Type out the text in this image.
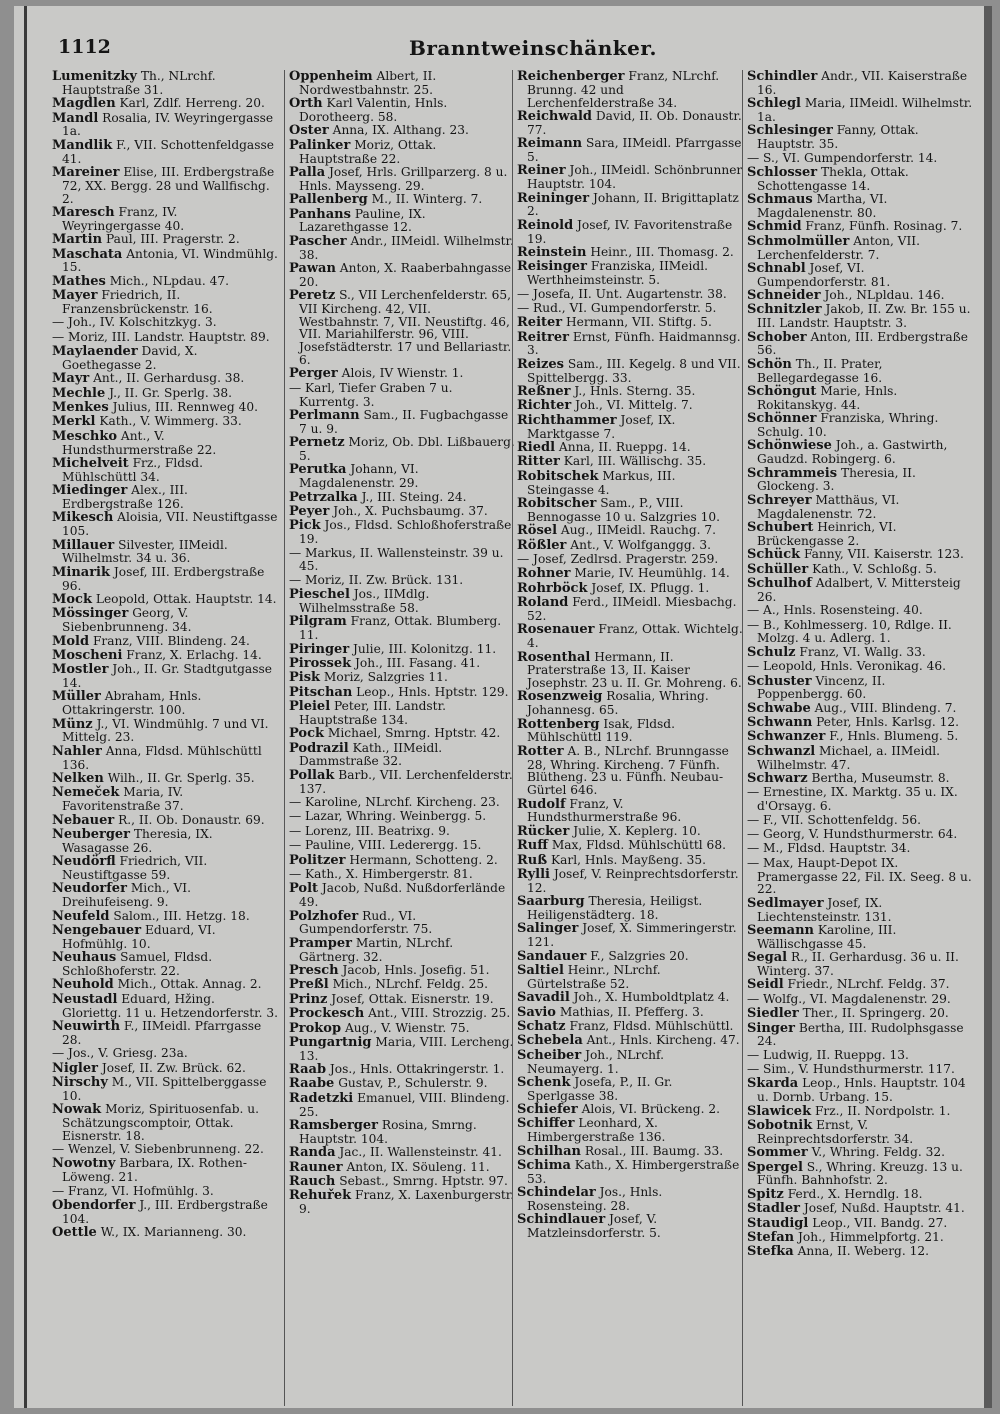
1112	Branntweinschänker.
Lumenitzky Th., NLrchf. Hauptstraße 31.
Magdlen Karl, Zdlf. Herreng. 20.
Mandl Rosalia, IV. Weyringergasse 1a.
Mandlik F., VII. Schottenfeldgasse 41.
Mareiner Elise, III. Erdbergstraße 72, XX. Bergg. 28 und Wallfischg. 2.
Maresch Franz, IV. Weyringergasse 40.
Martin Paul, III. Pragerstr. 2.
Maschata Antonia, VI. Windmühlg. 15.
Mathes Mich., NLpdau. 47.
Mayer Friedrich, II. Franzensbrückenstr. 16.
— Joh., IV. Kolschitzkyg. 3.
— Moriz, III. Landstr. Hauptstr. 89.
Maylaender David, X. Goethegasse 2.
Mayr Ant., II. Gerhardusg. 38.
Mechle J., II. Gr. Sperlg. 38.
Menkes Julius, III. Rennweg 40.
Merkl Kath., V. Wimmerg. 33.
Meschko Ant., V. Hundsthurmerstraße 22.
Michelveit Frz., Fldsd. Mühlschüttl 34.
Miedinger Alex., III. Erdbergstraße 126.
Mikesch Aloisia, VII. Neustiftgasse 105.
Millauer Silvester, IIMeidl. Wilhelmstr. 34 u. 36.
Minarik Josef, III. Erdbergstraße 96.
Mock Leopold, Ottak. Hauptstr. 14.
Mössinger Georg, V. Siebenbrunneng. 34.
Mold Franz, VIII. Blindeng. 24.
Moscheni Franz, X. Erlachg. 14.
Mostler Joh., II. Gr. Stadtgutgasse 14.
Müller Abraham, Hnls. Ottakringerstr. 100.
Münz J., VI. Windmühlg. 7 und VI. Mittelg. 23.
Nahler Anna, Fldsd. Mühlschüttl 136.
Nelken Wilh., II. Gr. Sperlg. 35.
Nemeček Maria, IV. Favoritenstraße 37.
Nebauer R., II. Ob. Donaustr. 69.
Neuberger Theresia, IX. Wasagasse 26.
Neudörfl Friedrich, VII. Neustiftgasse 59.
Neudorfer Mich., VI. Dreihufeiseng. 9.
Neufeld Salom., III. Hetzg. 18.
Nengebauer Eduard, VI. Hofmühlg. 10.
Neuhaus Samuel, Fldsd. Schloßhoferstr. 22.
Neuhold Mich., Ottak. Annag. 2.
Neustadl Eduard, Hžing. Gloriettg. 11 u. Hetzendorferstr. 3.
Neuwirth F., IIMeidl. Pfarrgasse 28.
— Jos., V. Griesg. 23a.
Nigler Josef, II. Zw. Brück. 62.
Nirschy M., VII. Spittelberggasse 10.
Nowak Moriz, Spirituosenfab. u. Schätzungscomptoir, Ottak. Eisnerstr. 18.
— Wenzel, V. Siebenbrunneng. 22.
Nowotny Barbara, IX. Rothen-Löweng. 21.
— Franz, VI. Hofmühlg. 3.
Obendorfer J., III. Erdbergstraße 104.
Oettle W., IX. Marianneng. 30.
Oppenheim Albert, II. Nordwestbahnstr. 25.
Orth Karl Valentin, Hnls. Dorotheerg. 58.
Oster Anna, IX. Althang. 23.
Palinker Moriz, Ottak. Hauptstraße 22.
Palla Josef, Hrls. Grillparzerg. 8 u. Hnls. Maysseng. 29.
Pallenberg M., II. Winterg. 7.
Panhans Pauline, IX. Lazarethgasse 12.
Pascher Andr., IIMeidl. Wilhelmstr. 38.
Pawan Anton, X. Raaberbahngasse 20.
Peretz S., VII Lerchenfelderstr. 65, VII Kircheng. 42, VII. Westbahnstr. 7, VII. Neustiftg. 46, VII. Mariahilferstr. 96, VIII. Josefstädterstr. 17 und Bellariastr. 6.
Perger Alois, IV Wienstr. 1.
— Karl, Tiefer Graben 7 u. Kurrentg. 3.
Perlmann Sam., II. Fugbachgasse 7 u. 9.
Pernetz Moriz, Ob. Dbl. Lißbauerg. 5.
Perutka Johann, VI. Magdalenenstr. 29.
Petrzalka J., III. Steing. 24.
Peyer Joh., X. Puchsbaumg. 37.
Pick Jos., Fldsd. Schloßhoferstraße 19.
— Markus, II. Wallensteinstr. 39 u. 45.
— Moriz, II. Zw. Brück. 131.
Pieschel Jos., IIMdlg. Wilhelmsstraße 58.
Pilgram Franz, Ottak. Blumberg. 11.
Piringer Julie, III. Kolonitzg. 11.
Pirossek Joh., III. Fasang. 41.
Pisk Moriz, Salzgries 11.
Pitschan Leop., Hnls. Hptstr. 129.
Pleiel Peter, III. Landstr. Hauptstraße 134.
Pock Michael, Smrng. Hptstr. 42.
Podrazil Kath., IIMeidl. Dammstraße 32.
Pollak Barb., VII. Lerchenfelderstr. 137.
— Karoline, NLrchf. Kircheng. 23.
— Lazar, Whring. Weinbergg. 5.
— Lorenz, III. Beatrixg. 9.
— Pauline, VIII. Lederergg. 15.
Politzer Hermann, Schotteng. 2.
— Kath., X. Himbergerstr. 81.
Polt Jacob, Nußd. Nußdorferlände 49.
Polzhofer Rud., VI. Gumpendorferstr. 75.
Pramper Martin, NLrchf. Gärtnerg. 32.
Presch Jacob, Hnls. Josefig. 51.
Preßl Mich., NLrchf. Feldg. 25.
Prinz Josef, Ottak. Eisnerstr. 19.
Prockesch Ant., VIII. Strozzig. 25.
Prokop Aug., V. Wienstr. 75.
Pungartnig Maria, VIII. Lercheng. 13.
Raab Jos., Hnls. Ottakringerstr. 1.
Raabe Gustav, P., Schulerstr. 9.
Radetzki Emanuel, VIII. Blindeng. 25.
Ramsberger Rosina, Smrng. Hauptstr. 104.
Randa Jac., II. Wallensteinstr. 41.
Rauner Anton, IX. Söuleng. 11.
Rauch Sebast., Smrng. Hptstr. 97.
Rehuřek Franz, X. Laxenburgerstr. 9.
Reichenberger Franz, NLrchf. Brunng. 42 und Lerchenfelderstraße 34.
Reichwald David, II. Ob. Donaustr. 77.
Reimann Sara, IIMeidl. Pfarrgasse 5.
Reiner Joh., IIMeidl. Schönbrunner Hauptstr. 104.
Reininger Johann, II. Brigittaplatz 2.
Reinold Josef, IV. Favoritenstraße 19.
Reinstein Heinr., III. Thomasg. 2.
Reisinger Franziska, IIMeidl. Werthheimsteinstr. 5.
— Josefa, II. Unt. Augartenstr. 38.
— Rud., VI. Gumpendorferstr. 5.
Reiter Hermann, VII. Stiftg. 5.
Reitrer Ernst, Fünfh. Haidmannsg. 3.
Reizes Sam., III. Kegelg. 8 und VII. Spittelbergg. 33.
Reßner J., Hnls. Sterng. 35.
Richter Joh., VI. Mittelg. 7.
Richthammer Josef, IX. Marktgasse 7.
Riedl Anna, II. Rueppg. 14.
Ritter Karl, III. Wällischg. 35.
Robitschek Markus, III. Steingasse 4.
Robitscher Sam., P., VIII. Bennogasse 10 u. Salzgries 10.
Rösel Aug., IIMeidl. Rauchg. 7.
Rößler Ant., V. Wolfganggg. 3.
— Josef, Zedlrsd. Pragerstr. 259.
Rohner Marie, IV. Heumühlg. 14.
Rohrböck Josef, IX. Pflugg. 1.
Roland Ferd., IIMeidl. Miesbachg. 52.
Rosenauer Franz, Ottak. Wichtelg. 4.
Rosenthal Hermann, II. Praterstraße 13, II. Kaiser Josephstr. 23 u. II. Gr. Mohreng. 6.
Rosenzweig Rosalia, Whring. Johannesg. 65.
Rottenberg Isak, Fldsd. Mühlschüttl 119.
Rotter A. B., NLrchf. Brunngasse 28, Whring. Kircheng. 7 Fünfh. Blütheng. 23 u. Fünfh. Neubau-Gürtel 646.
Rudolf Franz, V. Hundsthurmerstraße 96.
Rücker Julie, X. Keplerg. 10.
Ruff Max, Fldsd. Mühlschüttl 68.
Ruß Karl, Hnls. Mayßeng. 35.
Rylli Josef, V. Reinprechtsdorferstr. 12.
Saarburg Theresia, Heiligst. Heiligenstädterg. 18.
Salinger Josef, X. Simmeringerstr. 121.
Sandauer F., Salzgries 20.
Saltiel Heinr., NLrchf. Gürtelstraße 52.
Savadil Joh., X. Humboldtplatz 4.
Savio Mathias, II. Pfefferg. 3.
Schatz Franz, Fldsd. Mühlschüttl.
Schebela Ant., Hnls. Kircheng. 47.
Scheiber Joh., NLrchf. Neumayerg. 1.
Schenk Josefa, P., II. Gr. Sperlgasse 38.
Schiefer Alois, VI. Brückeng. 2.
Schiffer Leonhard, X. Himbergerstraße 136.
Schilhan Rosal., III. Baumg. 33.
Schima Kath., X. Himbergerstraße 53.
Schindelar Jos., Hnls. Rosensteing. 28.
Schindlauer Josef, V. Matzleinsdorferstr. 5.
Schindler Andr., VII. Kaiserstraße 16.
Schlegl Maria, IIMeidl. Wilhelmstr. 1a.
Schlesinger Fanny, Ottak. Hauptstr. 35.
— S., VI. Gumpendorferstr. 14.
Schlosser Thekla, Ottak. Schottengasse 14.
Schmaus Martha, VI. Magdalenenstr. 80.
Schmid Franz, Fünfh. Rosinag. 7.
Schmolmüller Anton, VII. Lerchenfelderstr. 7.
Schnabl Josef, VI. Gumpendorferstr. 81.
Schneider Joh., NLpldau. 146.
Schnitzler Jakob, II. Zw. Br. 155 u. III. Landstr. Hauptstr. 3.
Schober Anton, III. Erdbergstraße 56.
Schön Th., II. Prater, Bellegardegasse 16.
Schöngut Marie, Hnls. Rokitanskyg. 44.
Schönner Franziska, Whring. Schulg. 10.
Schönwiese Joh., a. Gastwirth, Gaudzd. Robingerg. 6.
Schrammeis Theresia, II. Glockeng. 3.
Schreyer Matthäus, VI. Magdalenenstr. 72.
Schubert Heinrich, VI. Brückengasse 2.
Schück Fanny, VII. Kaiserstr. 123.
Schüller Kath., V. Schloßg. 5.
Schulhof Adalbert, V. Mittersteig 26.
— A., Hnls. Rosensteing. 40.
— B., Kohlmesserg. 10, Rdlge. II. Molzg. 4 u. Adlerg. 1.
Schulz Franz, VI. Wallg. 33.
— Leopold, Hnls. Veronikag. 46.
Schuster Vincenz, II. Poppenbergg. 60.
Schwabe Aug., VIII. Blindeng. 7.
Schwann Peter, Hnls. Karlsg. 12.
Schwanzer F., Hnls. Blumeng. 5.
Schwanzl Michael, a. IIMeidl. Wilhelmstr. 47.
Schwarz Bertha, Museumstr. 8.
— Ernestine, IX. Marktg. 35 u. IX. d'Orsayg. 6.
— F., VII. Schottenfeldg. 56.
— Georg, V. Hundsthurmerstr. 64.
— M., Fldsd. Hauptstr. 34.
— Max, Haupt-Depot IX. Pramergasse 22, Fil. IX. Seeg. 8 u. 22.
Sedlmayer Josef, IX. Liechtensteinstr. 131.
Seemann Karoline, III. Wällischgasse 45.
Segal R., II. Gerhardusg. 36 u. II. Winterg. 37.
Seidl Friedr., NLrchf. Feldg. 37.
— Wolfg., VI. Magdalenenstr. 29.
Siedler Ther., II. Springerg. 20.
Singer Bertha, III. Rudolphsgasse 24.
— Ludwig, II. Rueppg. 13.
— Sim., V. Hundsthurmerstr. 117.
Skarda Leop., Hnls. Hauptstr. 104 u. Dornb. Urbang. 15.
Slawicek Frz., II. Nordpolstr. 1.
Sobotnik Ernst, V. Reinprechtsdorferstr. 34.
Sommer V., Whring. Feldg. 32.
Spergel S., Whring. Kreuzg. 13 u. Fünfh. Bahnhofstr. 2.
Spitz Ferd., X. Herndlg. 18.
Stadler Josef, Nußd. Hauptstr. 41.
Staudigl Leop., VII. Bandg. 27.
Stefan Joh., Himmelpfortg. 21.
Stefka Anna, II. Weberg. 12.
